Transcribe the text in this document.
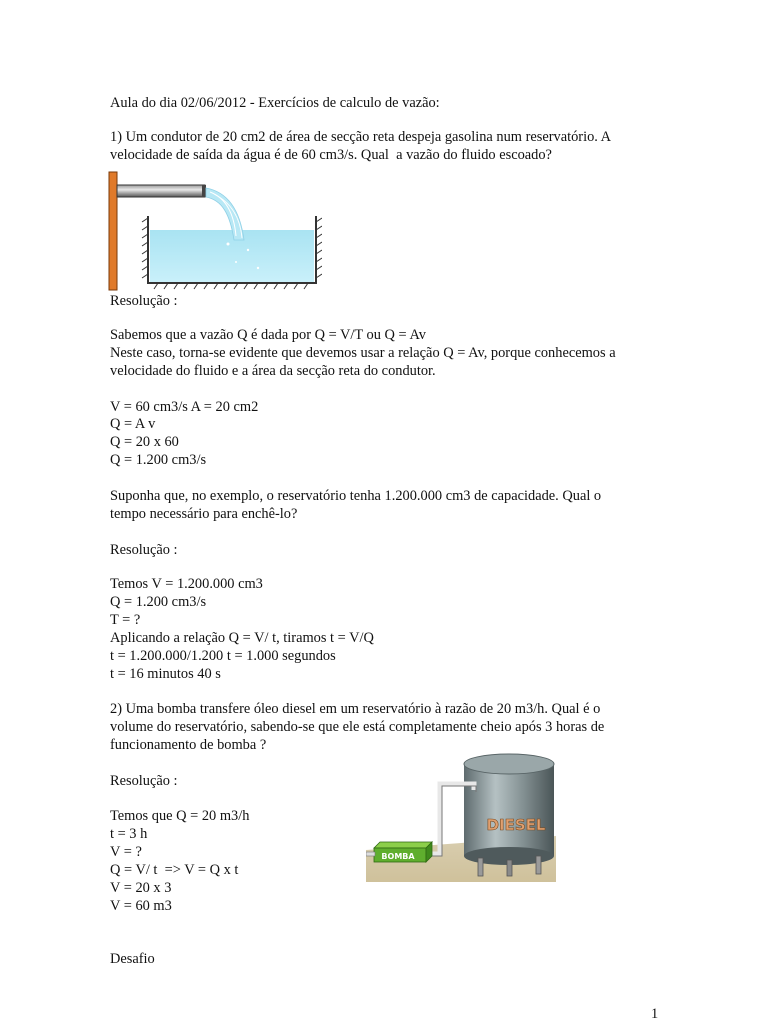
Aula do dia 02/06/2012 - Exercícios de calculo de vazão:
1) Um condutor de 20 cm2 de área de secção reta despeja gasolina num reservatório. A
velocidade de saída da água é de 60 cm3/s. Qual  a vazão do fluido escoado?
Resolução :
Sabemos que a vazão Q é dada por Q = V/T ou Q = Av
Neste caso, torna-se evidente que devemos usar a relação Q = Av, porque conhecemos a
velocidade do fluido e a área da secção reta do condutor.
V = 60 cm3/s A = 20 cm2
Q = A v
Q = 20 x 60
Q = 1.200 cm3/s
Suponha que, no exemplo, o reservatório tenha 1.200.000 cm3 de capacidade. Qual o
tempo necessário para enchê-lo?
Resolução :
Temos V = 1.200.000 cm3
Q = 1.200 cm3/s
T = ?
Aplicando a relação Q = V/ t, tiramos t = V/Q
t = 1.200.000/1.200 t = 1.000 segundos
t = 16 minutos 40 s
2) Uma bomba transfere óleo diesel em um reservatório à razão de 20 m3/h. Qual é o
volume do reservatório, sabendo-se que ele está completamente cheio após 3 horas de
funcionamento de bomba ?
Resolução :
Temos que Q = 20 m3/h
t = 3 h
V = ?
Q = V/ t  => V = Q x t
V = 20 x 3
V = 60 m3
DIESEL
BOMBA
Desafio
1
